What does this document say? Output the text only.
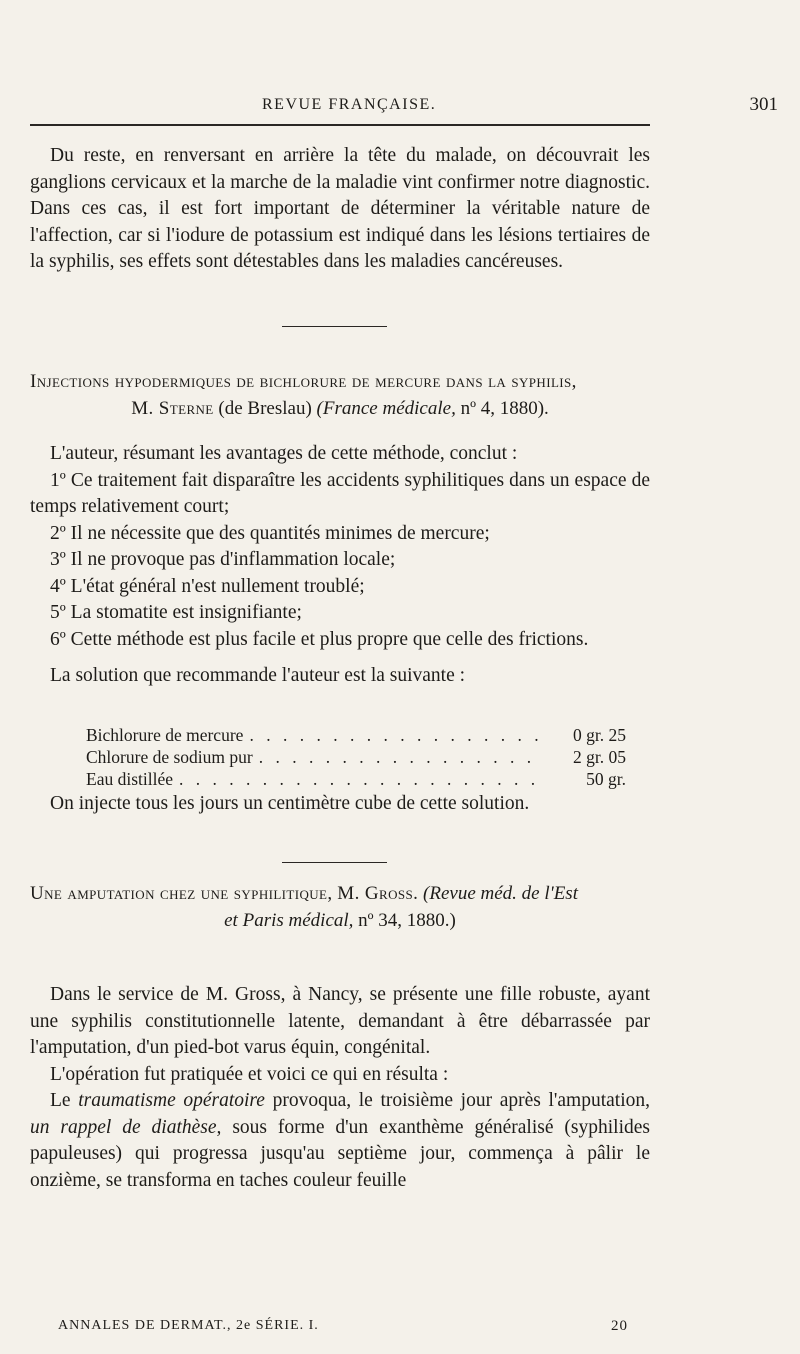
REVUE FRANÇAISE.	301

Du reste, en renversant en arrière la tête du malade, on découvrait les ganglions cervicaux et la marche de la maladie vint confirmer notre diagnostic. Dans ces cas, il est fort important de déterminer la véritable nature de l'affection, car si l'iodure de potassium est indiqué dans les lésions tertiaires de la syphilis, ses effets sont détestables dans les maladies cancéreuses.

Injections hypodermiques de bichlorure de mercure dans la syphilis,
M. Sterne (de Breslau) (France médicale, nº 4, 1880).

L'auteur, résumant les avantages de cette méthode, conclut :

1º Ce traitement fait disparaître les accidents syphilitiques dans un espace de temps relativement court;

2º Il ne nécessite que des quantités minimes de mercure;

3º Il ne provoque pas d'inflammation locale;

4º L'état général n'est nullement troublé;

5º La stomatite est insignifiante;

6º Cette méthode est plus facile et plus propre que celle des frictions.

La solution que recommande l'auteur est la suivante :

Bichlorure de mercure . . .	0 gr. 25
Chlorure de sodium pur . . .	2 gr. 05
Eau distillée . . .	50 gr.

On injecte tous les jours un centimètre cube de cette solution.

Une amputation chez une syphilitique, M. Gross. (Revue méd. de l'Est
et Paris médical, nº 34, 1880.)

Dans le service de M. Gross, à Nancy, se présente une fille robuste, ayant une syphilis constitutionnelle latente, demandant à être débarrassée par l'amputation, d'un pied-bot varus équin, congénital.

L'opération fut pratiquée et voici ce qui en résulta :

Le traumatisme opératoire provoqua, le troisième jour après l'amputation, un rappel de diathèse, sous forme d'un exanthème généralisé (syphilides papuleuses) qui progressa jusqu'au septième jour, commença à pâlir le onzième, se transforma en taches couleur feuille

ANNALES DE DERMAT., 2e SÉRIE. I.	20
